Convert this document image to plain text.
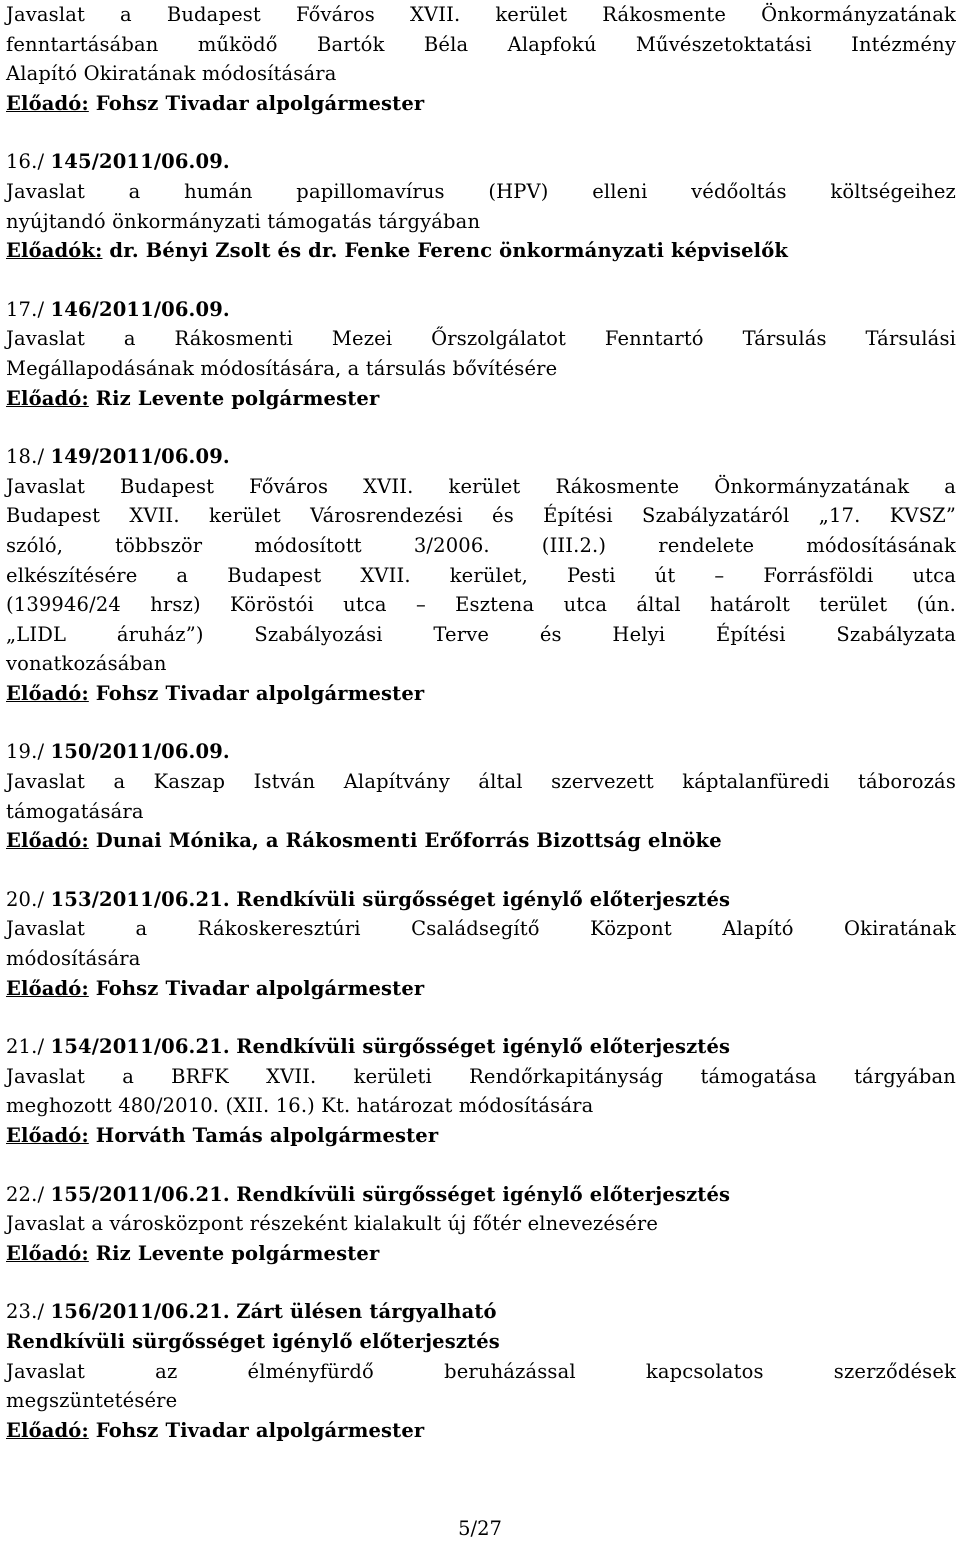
Javaslat a Budapest Főváros XVII. kerület Rákosmente Önkormányzatának
fenntartásában működő Bartók Béla Alapfokú Művészetoktatási Intézmény
Alapító Okiratának módosítására
Előadó: Fohsz Tivadar alpolgármester
16./ 145/2011/06.09.
Javaslat a humán papillomavírus (HPV) elleni védőoltás költségeihez
nyújtandó önkormányzati támogatás tárgyában
Előadók: dr. Bényi Zsolt és dr. Fenke Ferenc önkormányzati képviselők
17./ 146/2011/06.09.
Javaslat a Rákosmenti Mezei Őrszolgálatot Fenntartó Társulás Társulási
Megállapodásának módosítására, a társulás bővítésére
Előadó: Riz Levente polgármester
18./ 149/2011/06.09.
Javaslat Budapest Főváros XVII. kerület Rákosmente Önkormányzatának a
Budapest XVII. kerület Városrendezési és Építési Szabályzatáról „17. KVSZ”
szóló, többször módosított 3/2006. (III.2.) rendelete módosításának
elkészítésére a Budapest XVII. kerület, Pesti út – Forrásföldi utca
(139946/24 hrsz) Köröstói utca – Esztena utca által határolt terület (ún.
„LIDL áruház”) Szabályozási Terve és Helyi Építési Szabályzata
vonatkozásában
Előadó: Fohsz Tivadar alpolgármester
19./ 150/2011/06.09.
Javaslat a Kaszap István Alapítvány által szervezett káptalanfüredi táborozás
támogatására
Előadó: Dunai Mónika, a Rákosmenti Erőforrás Bizottság elnöke
20./ 153/2011/06.21. Rendkívüli sürgősséget igénylő előterjesztés
Javaslat a Rákoskeresztúri Családsegítő Központ Alapító Okiratának
módosítására
Előadó: Fohsz Tivadar alpolgármester
21./ 154/2011/06.21. Rendkívüli sürgősséget igénylő előterjesztés
Javaslat a BRFK XVII. kerületi Rendőrkapitányság támogatása tárgyában
meghozott 480/2010. (XII. 16.) Kt. határozat módosítására
Előadó: Horváth Tamás alpolgármester
22./ 155/2011/06.21. Rendkívüli sürgősséget igénylő előterjesztés
Javaslat a városközpont részeként kialakult új főtér elnevezésére
Előadó: Riz Levente polgármester
23./ 156/2011/06.21. Zárt ülésen tárgyalható
Rendkívüli sürgősséget igénylő előterjesztés
Javaslat az élményfürdő beruházással kapcsolatos szerződések
megszüntetésére
Előadó: Fohsz Tivadar alpolgármester
5/27
